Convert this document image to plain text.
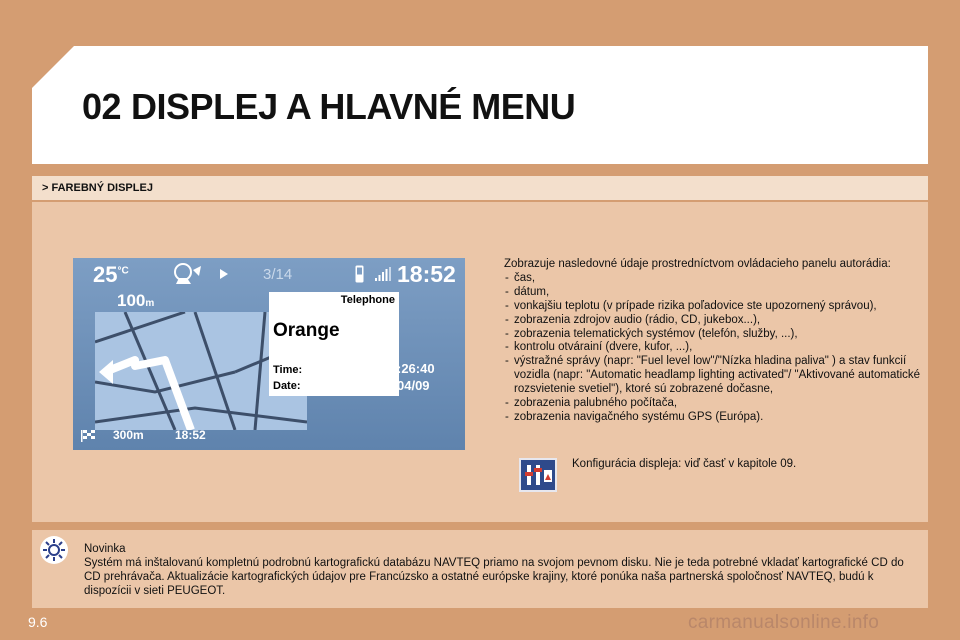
02 DISPLEJ A HLAVNÉ MENU
> FAREBNÝ DISPLEJ
$25^{^\circ C}$	3/14	18:52
100m	Telephone
Orange
Time:
Date:
:26:40
04/09
300m	18:52
Zobrazuje nasledovné údaje prostredníctvom ovládacieho panelu autorádia:
- čas,
- dátum,
- vonkajšiu teplotu (v prípade rizika poľadovice ste upozornený správou),
- zobrazenia zdrojov audio (rádio, CD, jukebox...),
- zobrazenia telematických systémov (telefón, služby, ...),
- kontrolu otvárainí (dvere, kufor, ...),
- výstražné správy (napr: "Fuel level low"/"Nízka hladina paliva" ) a stav funkcií vozidla (napr: "Automatic headlamp lighting activated"/ "Aktivované automatické rozsvietenie svetiel"), ktoré sú zobrazené dočasne,
- zobrazenia palubného počítača,
- zobrazenia navigačného systému GPS (Európa).
Konfigurácia displeja: viď časť v kapitole 09.
Novinka
Systém má inštalovanú kompletnú podrobnú kartografickú databázu NAVTEQ priamo na svojom pevnom disku. Nie je teda potrebné vkladať kartografické CD do CD prehrávača. Aktualizácie kartografických údajov pre Francúzsko a ostatné európske krajiny, ktoré ponúka naša partnerská spoločnosť NAVTEQ, budú k dispozícii v sieti PEUGEOT.
9.6	carmanualsonline.info
